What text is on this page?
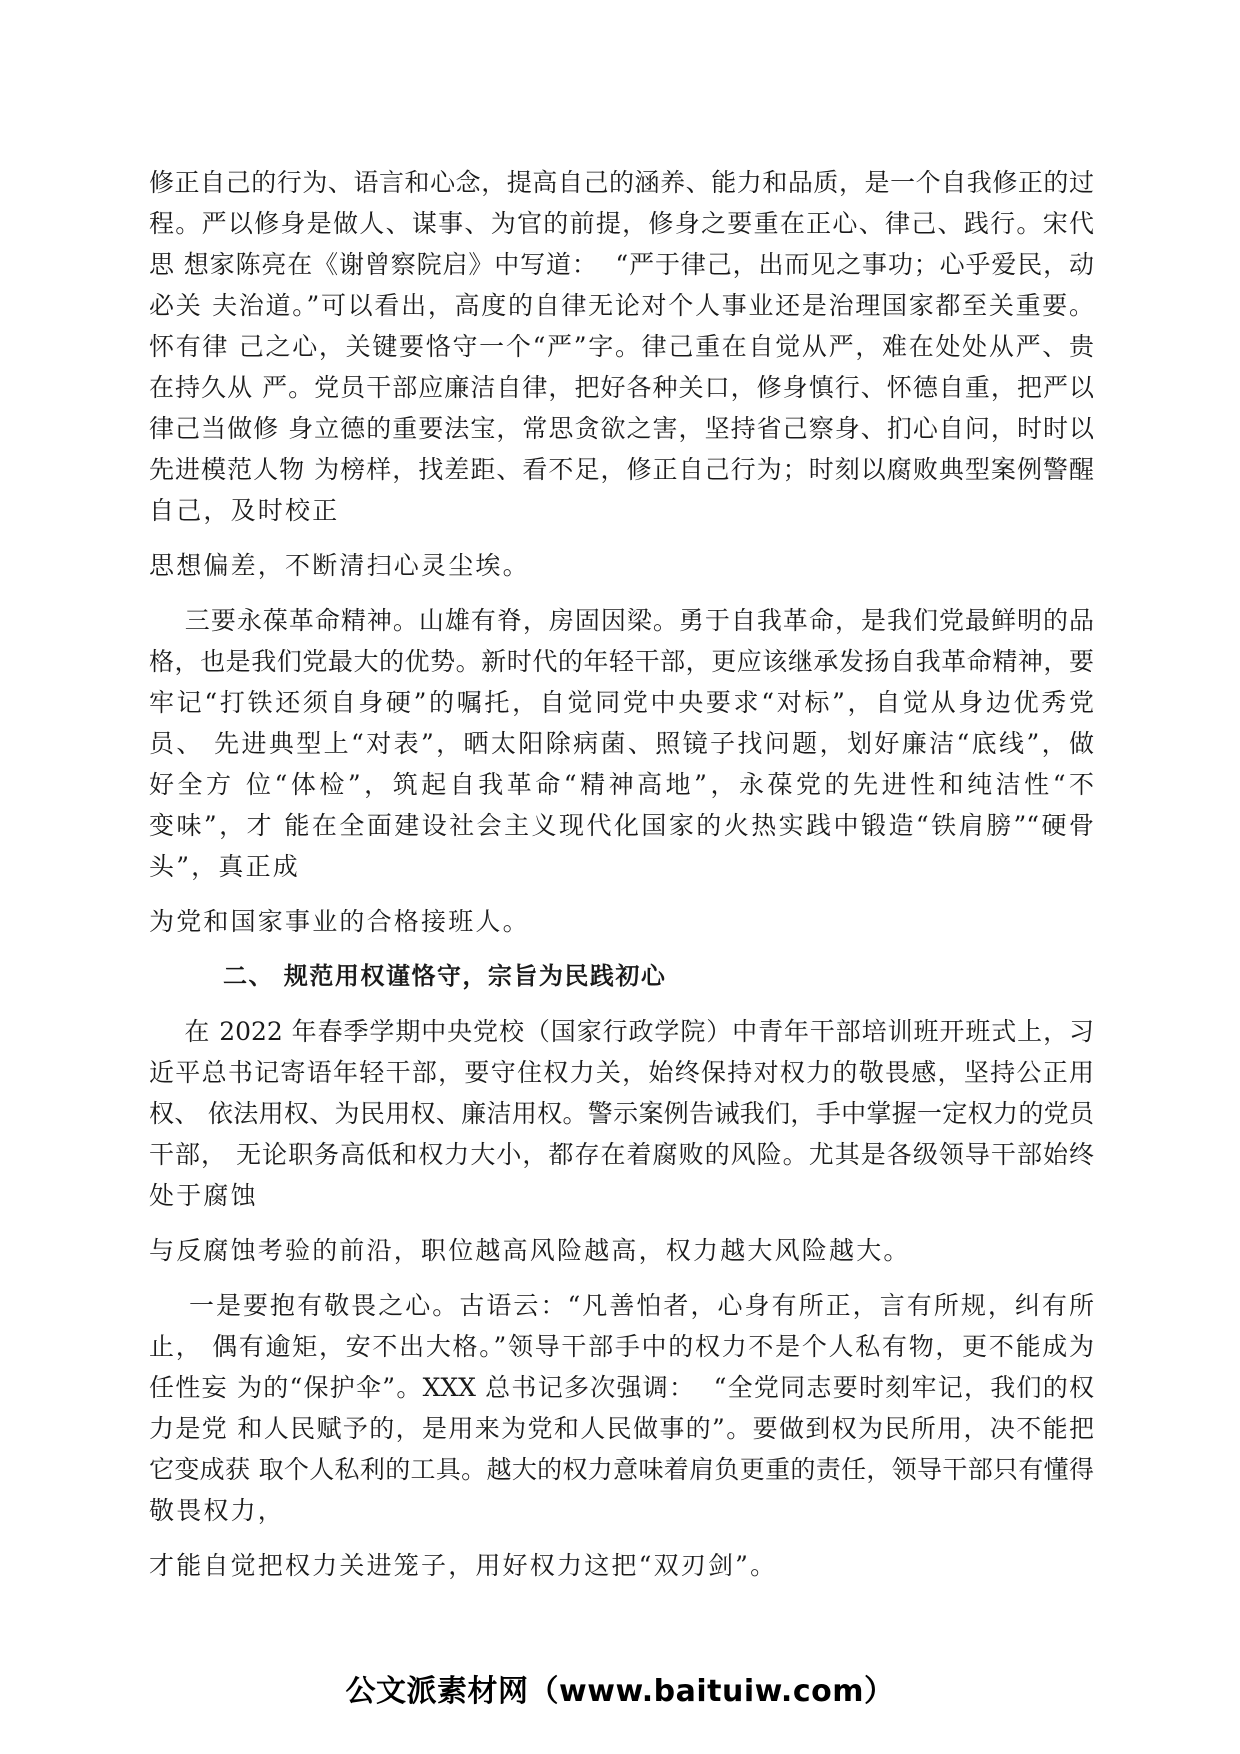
修正自己的行为、语言和心念，提高自己的涵养、能力和品质，是一个自我修正的过
程。严以修身是做人、谋事、为官的前提，修身之要重在正心、律己、践行。宋代
思 想家陈亮在《谢曾察院启》中写道：  “严于律己，出而见之事功；心乎爱民，动
必关 夫治道。”可以看出，高度的自律无论对个人事业还是治理国家都至关重要。
怀有律 己之心，关键要恪守一个“严”字。律己重在自觉从严，难在处处从严、贵
在持久从 严。党员干部应廉洁自律，把好各种关口，修身慎行、怀德自重，把严以
律己当做修 身立德的重要法宝，常思贪欲之害，坚持省己察身、扪心自问，时时以
先进模范人物 为榜样，找差距、看不足，修正自己行为；时刻以腐败典型案例警醒
自己，及时校正
思想偏差，不断清扫心灵尘埃。
三要永葆革命精神。山雄有脊，房固因梁。勇于自我革命，是我们党最鲜明的品
格，也是我们党最大的优势。新时代的年轻干部，更应该继承发扬自我革命精神，要
牢记“打铁还须自身硬”的嘱托，自觉同党中央要求“对标”，自觉从身边优秀党
员、 先进典型上“对表”，晒太阳除病菌、照镜子找问题，划好廉洁“底线”，做
好全方 位“体检”，筑起自我革命“精神高地”，永葆党的先进性和纯洁性“不
变味”，才 能在全面建设社会主义现代化国家的火热实践中锻造“铁肩膀”“硬骨
头”，真正成
为党和国家事业的合格接班人。
二、 规范用权谨恪守，宗旨为民践初心
在 2022 年春季学期中央党校（国家行政学院）中青年干部培训班开班式上，习
近平总书记寄语年轻干部，要守住权力关，始终保持对权力的敬畏感，坚持公正用
权、 依法用权、为民用权、廉洁用权。警示案例告诫我们，手中掌握一定权力的党员
干部， 无论职务高低和权力大小，都存在着腐败的风险。尤其是各级领导干部始终
处于腐蚀
与反腐蚀考验的前沿，职位越高风险越高，权力越大风险越大。
一是要抱有敬畏之心。古语云：“凡善怕者，心身有所正，言有所规，纠有所
止， 偶有逾矩，安不出大格。”领导干部手中的权力不是个人私有物，更不能成为
任性妄 为的“保护伞”。XXX 总书记多次强调：  “全党同志要时刻牢记，我们的权
力是党 和人民赋予的，是用来为党和人民做事的”。要做到权为民所用，决不能把
它变成获 取个人私利的工具。越大的权力意味着肩负更重的责任，领导干部只有懂得
敬畏权力，
才能自觉把权力关进笼子，用好权力这把“双刃剑”。
公文派素材网（www.baituiw.com）
